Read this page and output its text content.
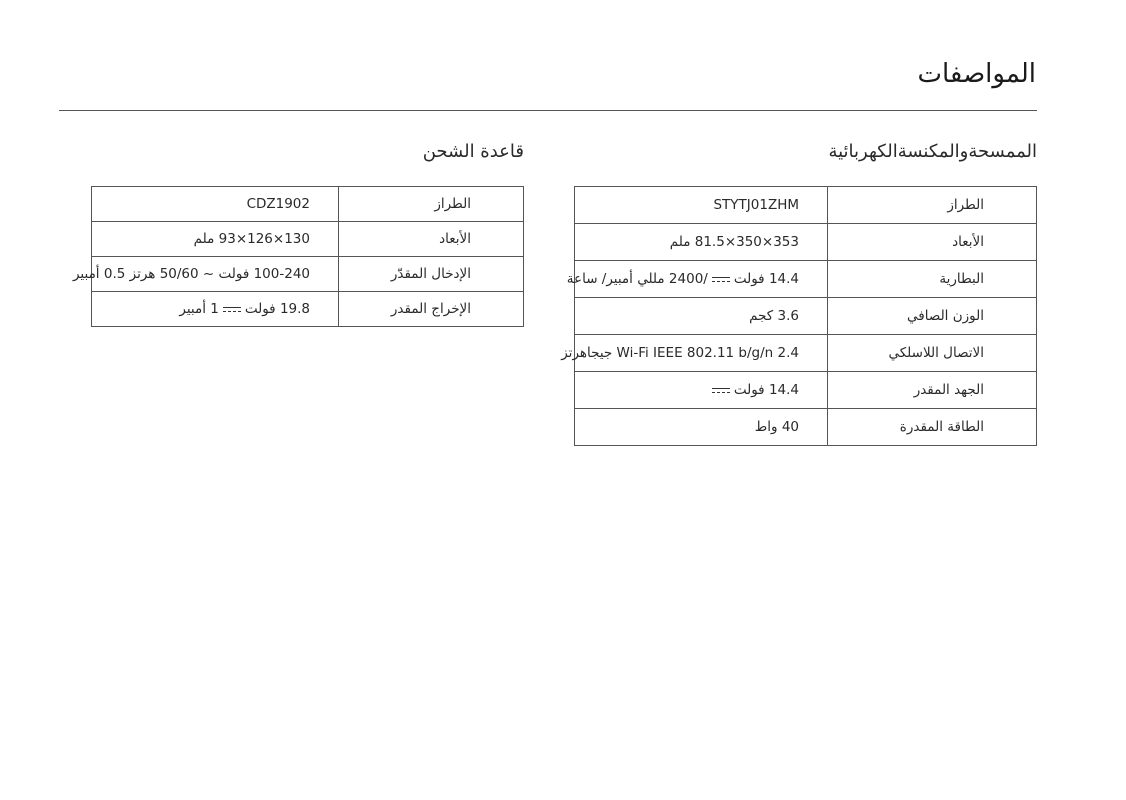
المواصفات
الممسحةوالمكنسةالكهربائية
الطراز	STYTJ01ZHM
الأبعاد	353×350×81.5 ملم
البطارية	14.4 فولت/2400 مللي أمبير/ ساعة
الوزن الصافي	3.6 كجم
الاتصال اللاسلكي	Wi-Fi IEEE 802.11 b/g/n 2.4 جيجاهرتز
الجهد المقدر	14.4 فولت
الطاقة المقدرة	40 واط
قاعدة الشحن
الطراز	CDZ1902
الأبعاد	130×126×93 ملم
الإدخال المقدّر	100-240 فولت ~ 50/60 هرتز 0.5 أمبير
الإخراج المقدر	19.8 فولت1 أمبير
